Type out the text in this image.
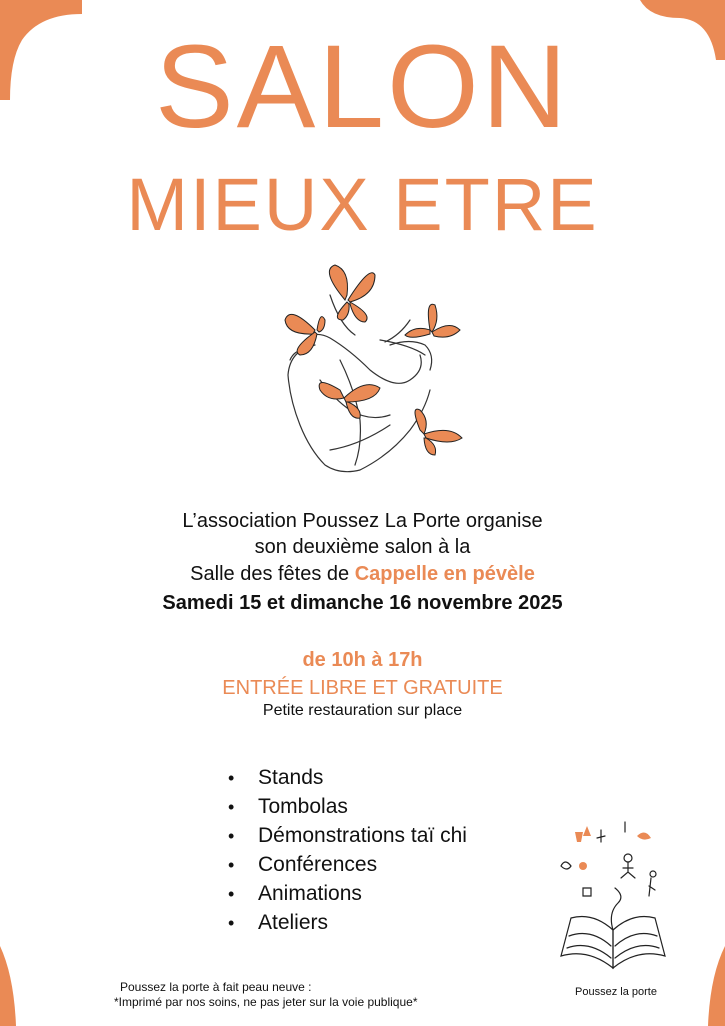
SALON
MIEUX ETRE
L’association Poussez La Porte organise
son deuxième salon à la
Salle des fêtes de Cappelle en pévèle
Samedi 15 et dimanche 16 novembre 2025
de 10h à 17h
ENTRÉE LIBRE ET GRATUITE
Petite restauration sur place
• Stands
• Tombolas
• Démonstrations taï chi
• Conférences
• Animations
• Ateliers
Poussez la porte
Poussez la porte à fait peau neuve :
*Imprimé par nos soins, ne pas jeter sur la voie publique*
